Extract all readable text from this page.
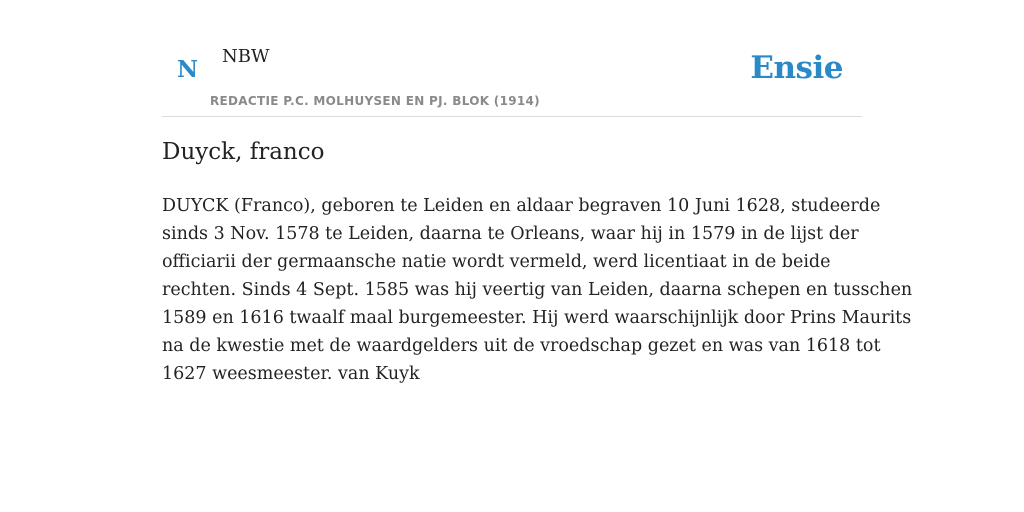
N NBW
REDACTIE P.C. MOLHUYSEN EN PJ. BLOK (1914)
Ensie
Duyck, franco

DUYCK (Franco), geboren te Leiden en aldaar begraven 10 Juni 1628, studeerde
sinds 3 Nov. 1578 te Leiden, daarna te Orleans, waar hij in 1579 in de lijst der
officiarii der germaansche natie wordt vermeld, werd licentiaat in de beide
rechten. Sinds 4 Sept. 1585 was hij veertig van Leiden, daarna schepen en tusschen
1589 en 1616 twaalf maal burgemeester. Hij werd waarschijnlijk door Prins Maurits
na de kwestie met de waardgelders uit de vroedschap gezet en was van 1618 tot
1627 weesmeester. van Kuyk
